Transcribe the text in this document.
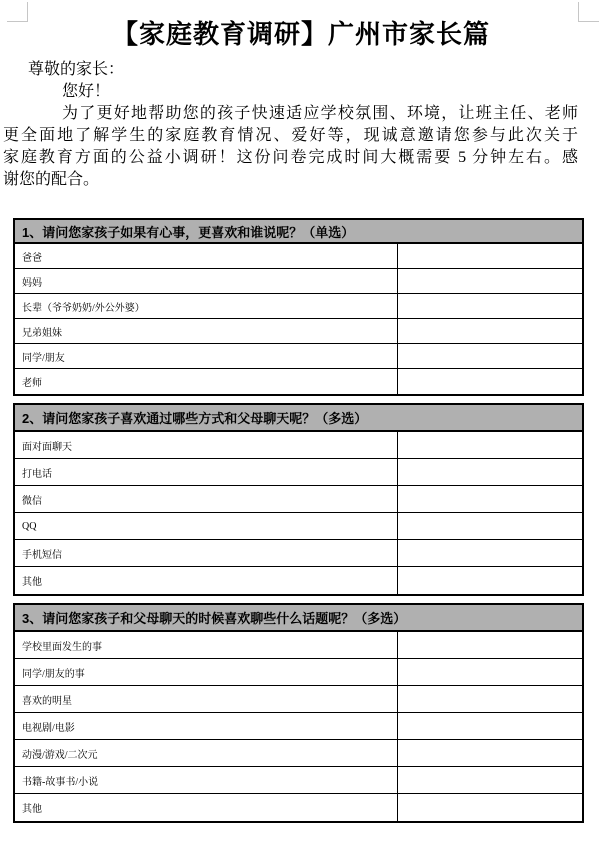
【家庭教育调研】广州市家长篇
尊敬的家长：
您好！
为了更好地帮助您的孩子快速适应学校氛围、环境，让班主任、老师
更全面地了解学生的家庭教育情况、爱好等，现诚意邀请您参与此次关于
家庭教育方面的公益小调研！这份问卷完成时间大概需要 5 分钟左右。感
谢您的配合。
1、请问您家孩子如果有心事，更喜欢和谁说呢？（单选）
爸爸
妈妈
长辈（爷爷奶奶/外公外婆）
兄弟姐妹
同学/朋友
老师
2、请问您家孩子喜欢通过哪些方式和父母聊天呢？（多选）
面对面聊天
打电话
微信
QQ
手机短信
其他
3、请问您家孩子和父母聊天的时候喜欢聊些什么话题呢？（多选）
学校里面发生的事
同学/朋友的事
喜欢的明星
电视剧/电影
动漫/游戏/二次元
书籍-故事书/小说
其他
